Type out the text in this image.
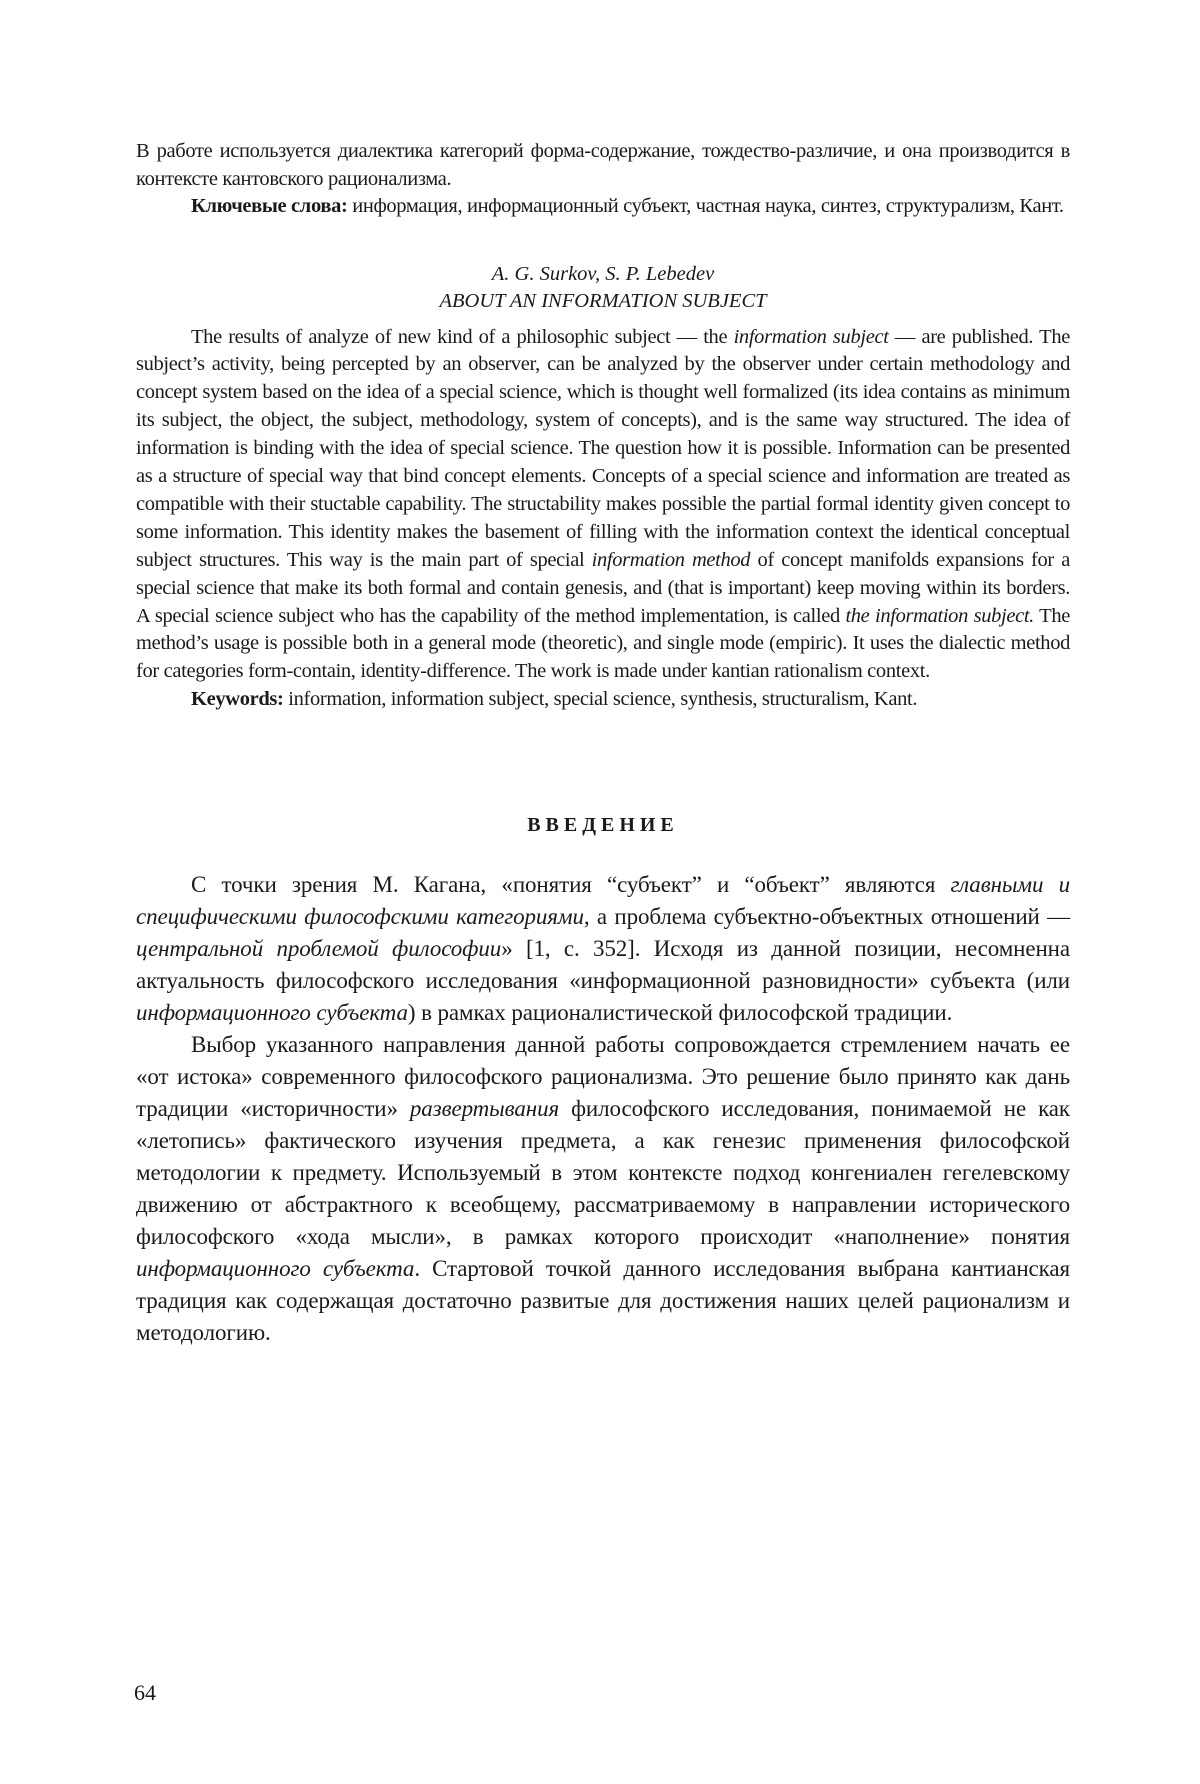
В работе используется диалектика категорий форма-содержание, тождество-различие, и она производится в контексте кантовского рационализма.

Ключевые слова: информация, информационный субъект, частная наука, синтез, структурализм, Кант.

A. G. Surkov, S. P. Lebedev

ABOUT AN INFORMATION SUBJECT

The results of analyze of new kind of a philosophic subject — the information subject — are published. The subject’s activity, being percepted by an observer, can be analyzed by the observer under certain methodology and concept system based on the idea of a special science, which is thought well formalized (its idea contains as minimum its subject, the object, the subject, methodology, system of concepts), and is the same way structured. The idea of information is binding with the idea of special science. The question how it is possible. Information can be presented as a structure of special way that bind concept elements. Concepts of a special science and information are treated as compatible with their stuctable capability. The structability makes possible the partial formal identity given concept to some information. This identity makes the basement of filling with the information context the identical conceptual subject structures. This way is the main part of special information method of concept manifolds expansions for a special science that make its both formal and contain genesis, and (that is important) keep moving within its borders. A special science subject who has the capability of the method implementation, is called the information subject. The method’s usage is possible both in a general mode (theoretic), and single mode (empiric). It uses the dialectic method for categories form-contain, identity-difference. The work is made under kantian rationalism context.

Keywords: information, information subject, special science, synthesis, structuralism, Kant.

ВВЕДЕНИЕ

С точки зрения М. Кагана, «понятия “субъект” и “объект” являются главными и специфическими философскими категориями, а проблема субъектно-объектных отношений — центральной проблемой философии» [1, с. 352]. Исходя из данной позиции, несомненна актуальность философского исследования «информационной разновидности» субъекта (или информационного субъекта) в рамках рационалистической философской традиции.

Выбор указанного направления данной работы сопровождается стремлением начать ее «от истока» современного философского рационализма. Это решение было принято как дань традиции «историчности» развертывания философского исследования, понимаемой не как «летопись» фактического изучения предмета, а как генезис применения философской методологии к предмету. Используемый в этом контексте подход конгениален гегелевскому движению от абстрактного к всеобщему, рассматриваемому в направлении исторического философского «хода мысли», в рамках которого происходит «наполнение» понятия информационного субъекта. Стартовой точкой данного исследования выбрана кантианская традиция как содержащая достаточно развитые для достижения наших целей рационализм и методологию.

64
